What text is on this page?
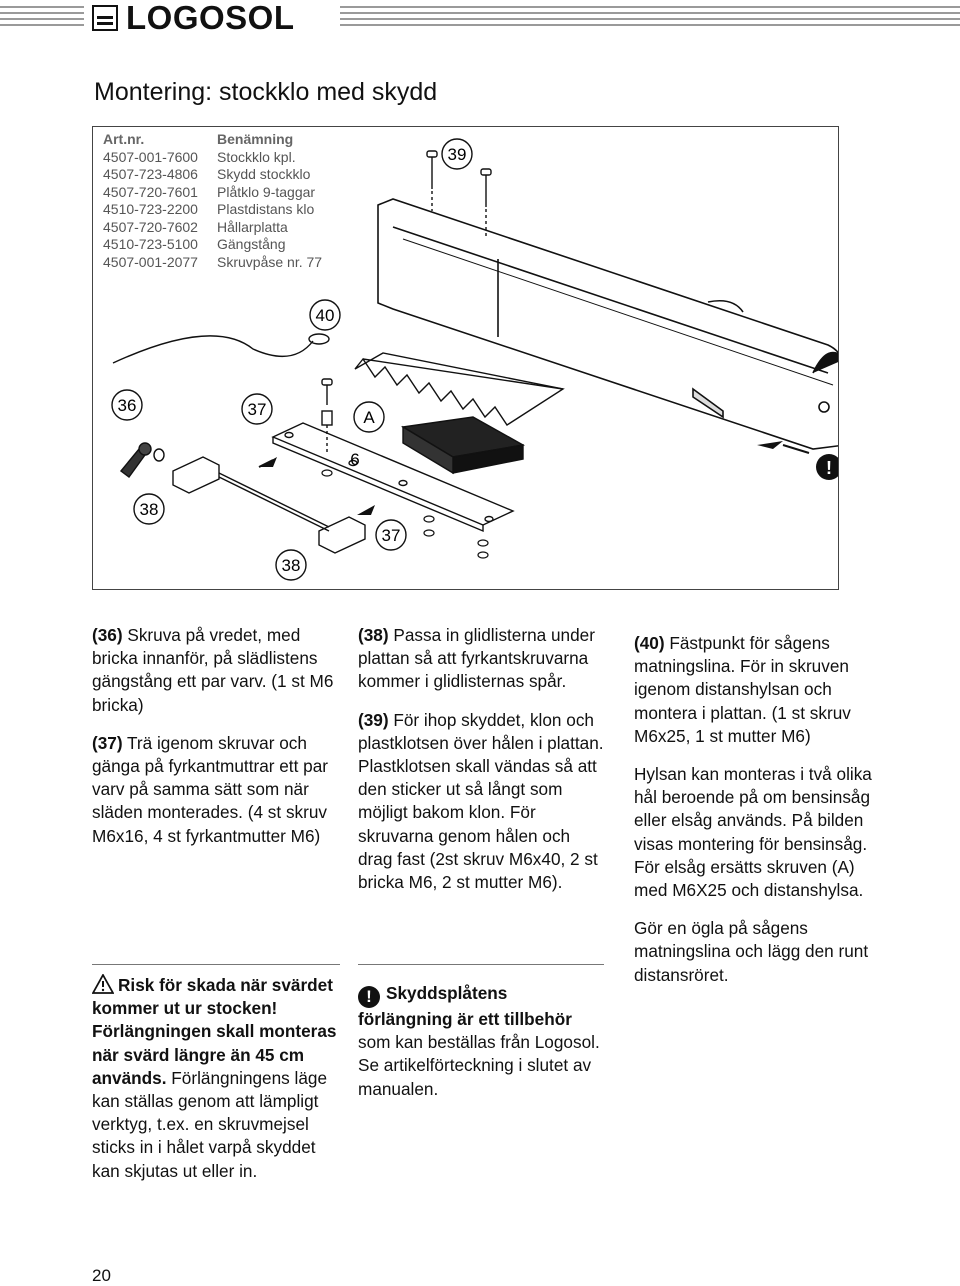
LOGOSOL
Montering: stockklo med skydd
Art.nr.	Benämning
4507-001-7600	Stockklo kpl.
4507-723-4806	Skydd stockklo
4507-720-7601	Plåtklo 9-taggar
4510-723-2200	Plastdistans klo
4507-720-7602	Hållarplatta
4510-723-5100	Gängstång
4507-001-2077	Skruvpåse nr. 77
39
40
36
38
38
37	A
6
37
!

(36) Skruva på vredet, med bricka innanför, på slädlistens gängstång ett par varv. (1 st M6 bricka)

(37) Trä igenom skruvar och gänga på fyrkantmuttrar ett par varv på samma sätt som när släden monterades. (4 st skruv M6x16, 4 st fyrkantmutter M6)

(38) Passa in glidlisterna under plattan så att fyrkantskruvarna kommer i glidlisternas spår.

(39) För ihop skyddet, klon och plastklotsen över hålen i plattan. Plastklotsen skall vändas så att den sticker ut så långt som möjligt bakom klon. För skruvarna genom hålen och drag fast (2st skruv M6x40, 2 st bricka M6, 2 st mutter M6).

(40) Fästpunkt för sågens matningslina. För in skruven igenom distanshylsan och montera i plattan. (1 st skruv M6x25, 1 st mutter M6)

Hylsan kan monteras i två olika hål beroende på om bensinsåg eller elsåg används. På bilden visas montering för bensinsåg. För elsåg ersätts skruven (A) med M6X25 och distanshylsa.

Gör en ögla på sågens matningslina och lägg den runt distansröret.

Risk för skada när svärdet kommer ut ur stocken! Förlängningen skall monteras när svärd längre än 45 cm används. Förlängningens läge kan ställas genom att lämpligt verktyg, t.ex. en skruvmejsel sticks in i hålet varpå skyddet kan skjutas ut eller in.
! Skyddsplåtens förlängning är ett tillbehör som kan beställas från Logosol. Se artikelförteckning i slutet av manualen.
20
